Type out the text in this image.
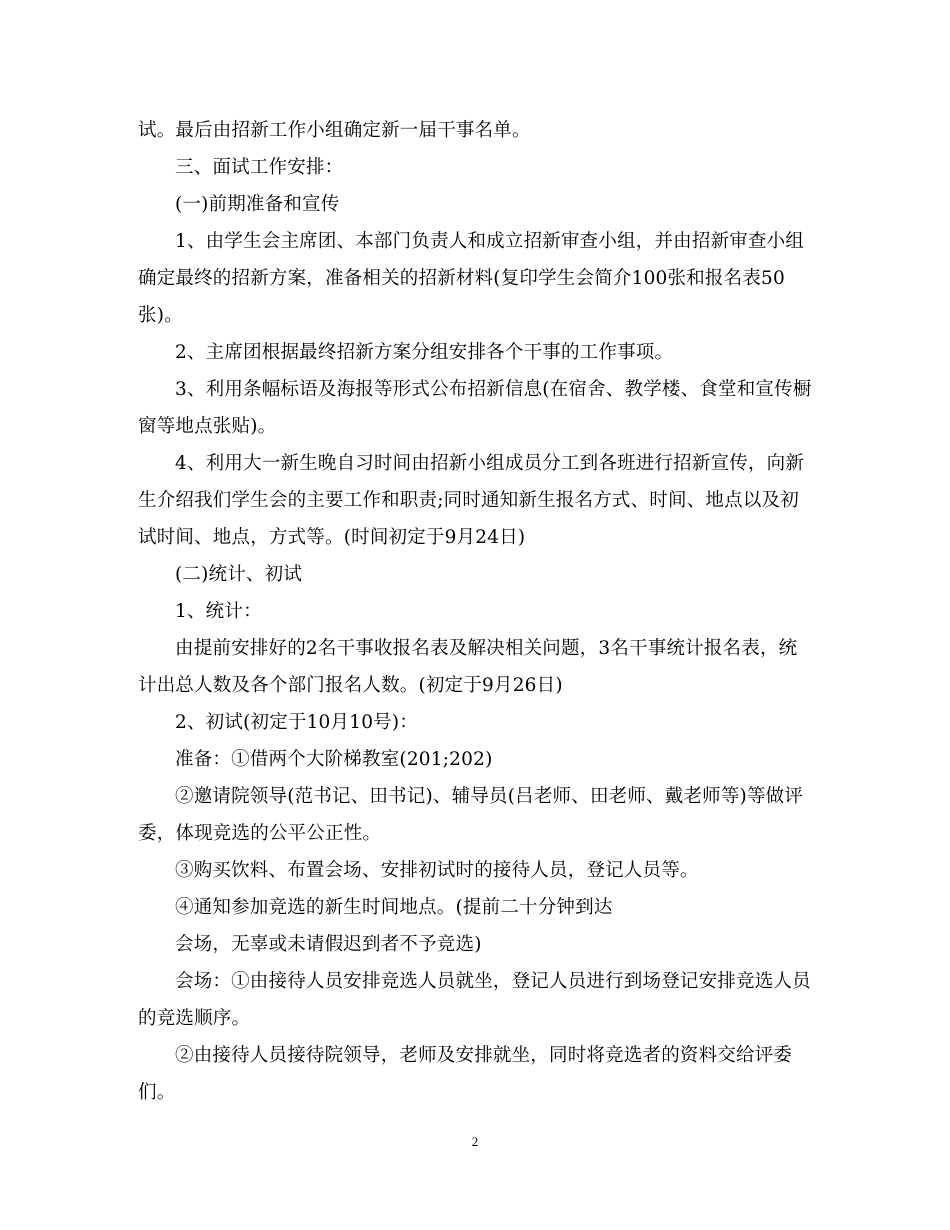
试。最后由招新工作小组确定新一届干事名单。
三、面试工作安排：
(一)前期准备和宣传
1、由学生会主席团、本部门负责人和成立招新审查小组，并由招新审查小组
确定最终的招新方案，准备相关的招新材料(复印学生会简介100张和报名表50
张)。
2、主席团根据最终招新方案分组安排各个干事的工作事项。
3、利用条幅标语及海报等形式公布招新信息(在宿舍、教学楼、食堂和宣传橱
窗等地点张贴)。
4、利用大一新生晚自习时间由招新小组成员分工到各班进行招新宣传，向新
生介绍我们学生会的主要工作和职责;同时通知新生报名方式、时间、地点以及初
试时间、地点，方式等。(时间初定于9月24日)
(二)统计、初试
1、统计：
由提前安排好的2名干事收报名表及解决相关问题，3名干事统计报名表，统
计出总人数及各个部门报名人数。(初定于9月26日)
2、初试(初定于10月10号)：
准备：①借两个大阶梯教室(201;202)
②邀请院领导(范书记、田书记)、辅导员(吕老师、田老师、戴老师等)等做评
委，体现竞选的公平公正性。
③购买饮料、布置会场、安排初试时的接待人员，登记人员等。
④通知参加竞选的新生时间地点。(提前二十分钟到达
会场，无辜或未请假迟到者不予竞选)
会场：①由接待人员安排竞选人员就坐，登记人员进行到场登记安排竞选人员
的竞选顺序。
②由接待人员接待院领导，老师及安排就坐，同时将竞选者的资料交给评委
们。
2
